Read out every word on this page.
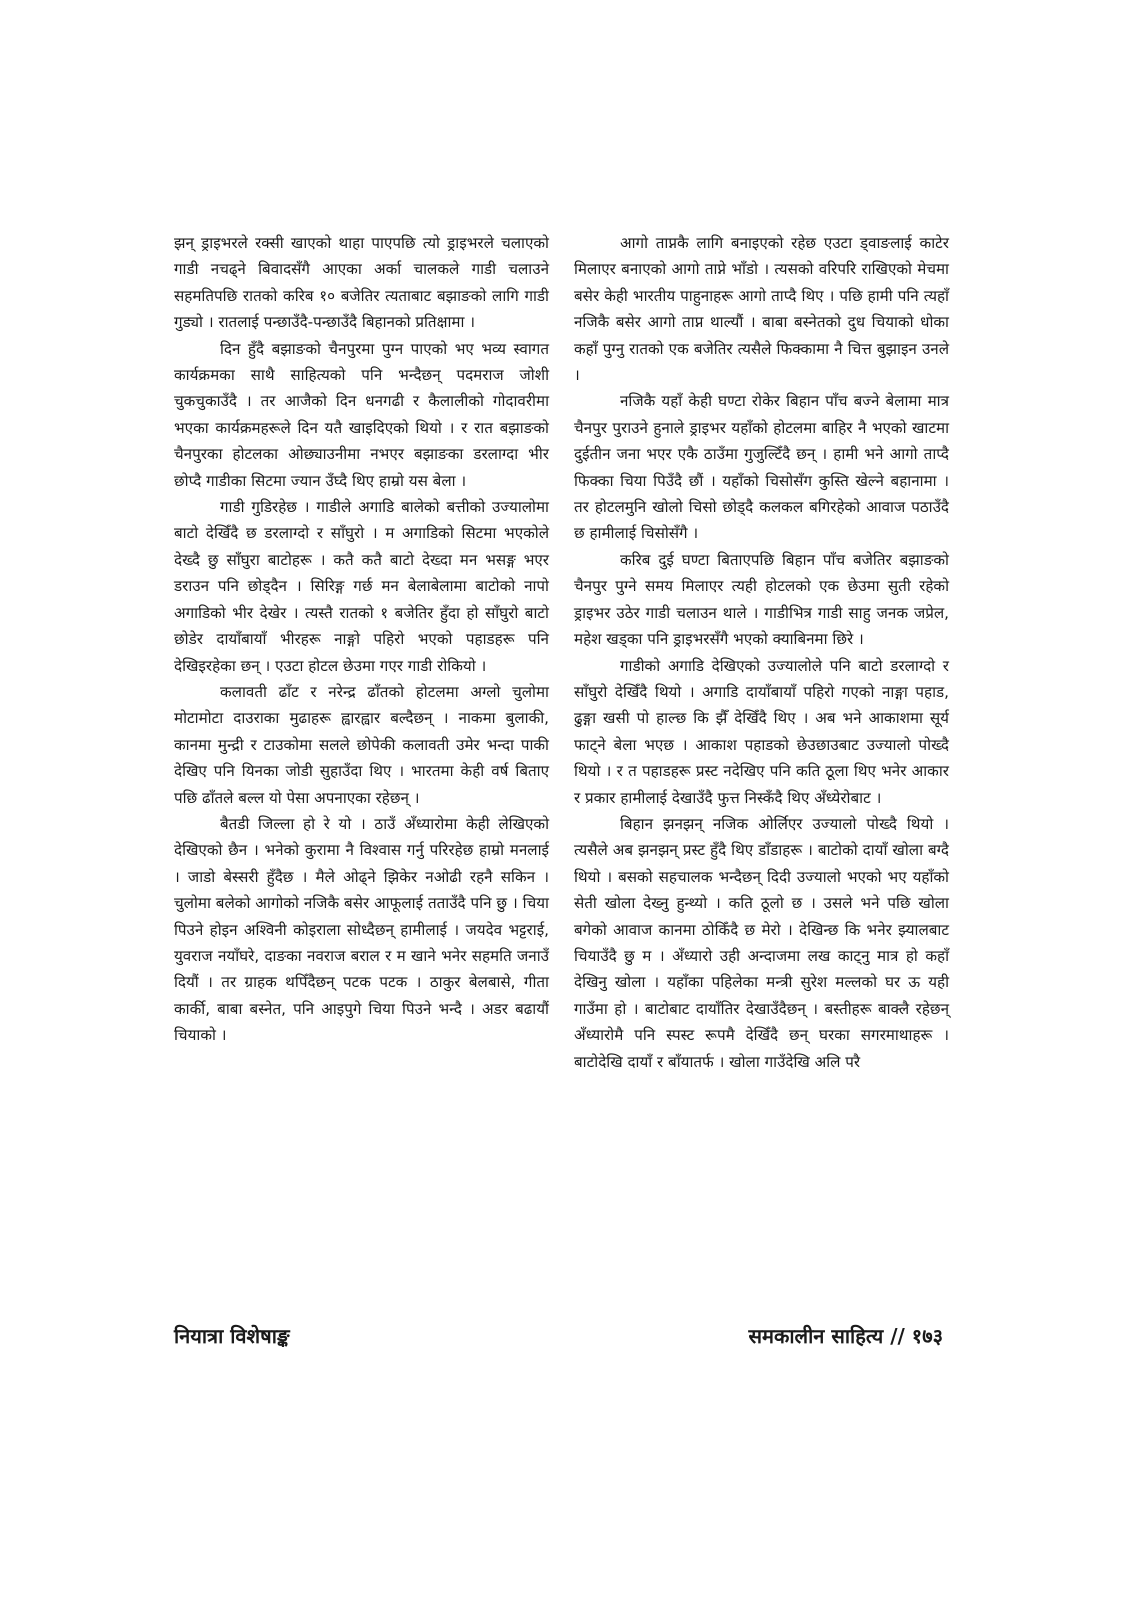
झन् ड्राइभरले रक्सी खाएको थाहा पाएपछि त्यो ड्राइभरले चलाएको गाडी नचढ्ने बिवादसँगै आएका अर्का चालकले गाडी चलाउने सहमतिपछि रातको करिब १० बजेतिर त्यताबाट बझाङको लागि गाडी गुड्यो । रातलाई पन्छाउँदै-पन्छाउँदै बिहानको प्रतिक्षामा ।

दिन हुँदै बझाङको चैनपुरमा पुग्न पाएको भए भव्य स्वागत कार्यक्रमका साथै साहित्यको पनि भन्दैछन् पदमराज जोशी चुकचुकाउँदै । तर आजैको दिन धनगढी र कैलालीको गोदावरीमा भएका कार्यक्रमहरूले दिन यतै खाइदिएको थियो । र रात बझाङको चैनपुरका होटलका ओछ्याउनीमा नभएर बझाङका डरलाग्दा भीर छोप्दै गाडीका सिटमा ज्यान उँघ्दै थिए हाम्रो यस बेला ।

गाडी गुडिरहेछ । गाडीले अगाडि बालेको बत्तीको उज्यालोमा बाटो देखिँदै छ डरलाग्दो र साँघुरो । म अगाडिको सिटमा भएकोले देख्दै छु साँघुरा बाटोहरू । कतै कतै बाटो देख्दा मन भसङ्ग भएर डराउन पनि छोड्दैन । सिरिङ्ग गर्छ मन बेलाबेलामा बाटोको नापो अगाडिको भीर देखेर । त्यस्तै रातको १ बजेतिर हुँदा हो साँघुरो बाटो छोडेर दायाँबायाँ भीरहरू नाङ्गो पहिरो भएको पहाडहरू पनि देखिइरहेका छन् । एउटा होटल छेउमा गएर गाडी रोकियो ।

कलावती ढाँट र नरेन्द्र ढाँतको होटलमा अग्लो चुलोमा मोटामोटा दाउराका मुढाहरू ह्वारह्वार बल्दैछन् । नाकमा बुलाकी, कानमा मुन्द्री र टाउकोमा सलले छोपेकी कलावती उमेर भन्दा पाकी देखिए पनि यिनका जोडी सुहाउँदा थिए । भारतमा केही वर्ष बिताए पछि ढाँतले बल्ल यो पेसा अपनाएका रहेछन् ।

बैतडी जिल्ला हो रे यो । ठाउँ अँध्यारोमा केही लेखिएको देखिएको छैन । भनेको कुरामा नै विश्वास गर्नु परिरहेछ हाम्रो मनलाई । जाडो बेस्सरी हुँदैछ । मैले ओढ्ने झिकेर नओढी रहनै सकिन । चुलोमा बलेको आगोको नजिकै बसेर आफूलाई तताउँदै पनि छु । चिया पिउने होइन अश्विनी कोइराला सोध्दैछन् हामीलाई । जयदेव भट्टराई, युवराज नयाँघरे, दाङका नवराज बराल र म खाने भनेर सहमति जनाउँ दियौं । तर ग्राहक थपिँदैछन् पटक पटक । ठाकुर बेलबासे, गीता कार्की, बाबा बस्नेत, पनि आइपुगे चिया पिउने भन्दै । अडर बढायौं चियाको ।

आगो ताप्नकै लागि बनाइएको रहेछ एउटा ड्वाङलाई काटेर मिलाएर बनाएको आगो ताप्ने भाँडो । त्यसको वरिपरि राखिएको मेचमा बसेर केही भारतीय पाहुनाहरू आगो ताप्दै थिए । पछि हामी पनि त्यहाँ नजिकै बसेर आगो ताप्न थाल्यौं । बाबा बस्नेतको दुध चियाको धोका कहाँ पुग्नु रातको एक बजेतिर त्यसैले फिक्कामा नै चित्त बुझाइन उनले ।

नजिकै यहाँ केही घण्टा रोकेर बिहान पाँच बज्ने बेलामा मात्र चैनपुर पुराउने हुनाले ड्राइभर यहाँको होटलमा बाहिर नै भएको खाटमा दुईतीन जना भएर एकै ठाउँमा गुजुल्टिँदै छन् । हामी भने आगो ताप्दै फिक्का चिया पिउँदै छौं । यहाँको चिसोसँग कुस्ति खेल्ने बहानामा । तर होटलमुनि खोलो चिसो छोड्दै कलकल बगिरहेको आवाज पठाउँदै छ हामीलाई चिसोसँगै ।

करिब दुई घण्टा बिताएपछि बिहान पाँच बजेतिर बझाङको चैनपुर पुग्ने समय मिलाएर त्यही होटलको एक छेउमा सुती रहेको ड्राइभर उठेर गाडी चलाउन थाले । गाडीभित्र गाडी साहु जनक जप्रेल, महेश खड्का पनि ड्राइभरसँगै भएको क्याबिनमा छिरे ।

गाडीको अगाडि देखिएको उज्यालोले पनि बाटो डरलाग्दो र साँघुरो देखिँदै थियो । अगाडि दायाँबायाँ पहिरो गएको नाङ्गा पहाड, ढुङ्गा खसी पो हाल्छ कि झैँ देखिँदै थिए । अब भने आकाशमा सूर्य फाट्ने बेला भएछ । आकाश पहाडको छेउछाउबाट उज्यालो पोख्दै थियो । र त पहाडहरू प्रस्ट नदेखिए पनि कति ठूला थिए भनेर आकार र प्रकार हामीलाई देखाउँदै फुत्त निस्कँदै थिए अँध्येरोबाट ।

बिहान झनझन् नजिक ओर्लिएर उज्यालो पोख्दै थियो । त्यसैले अब झनझन् प्रस्ट हुँदै थिए डाँडाहरू । बाटोको दायाँ खोला बग्दै थियो । बसको सहचालक भन्दैछन् दिदी उज्यालो भएको भए यहाँको सेती खोला देख्नु हुन्थ्यो । कति ठूलो छ । उसले भने पछि खोला बगेको आवाज कानमा ठोकिँदै छ मेरो । देखिन्छ कि भनेर झ्यालबाट चियाउँदै छु म । अँध्यारो उही अन्दाजमा लख काट्नु मात्र हो कहाँ देखिनु खोला । यहाँका पहिलेका मन्त्री सुरेश मल्लको घर ऊ यही गाउँमा हो । बाटोबाट दायाँतिर देखाउँदैछन् । बस्तीहरू बाक्लै रहेछन् अँध्यारोमै पनि स्पस्ट रूपमै देखिँदै छन् घरका सगरमाथाहरू । बाटोदेखि दायाँ र बाँयातर्फ । खोला गाउँदेखि अलि परै

नियात्रा विशेषाङ्क	समकालीन साहित्य // १७३
